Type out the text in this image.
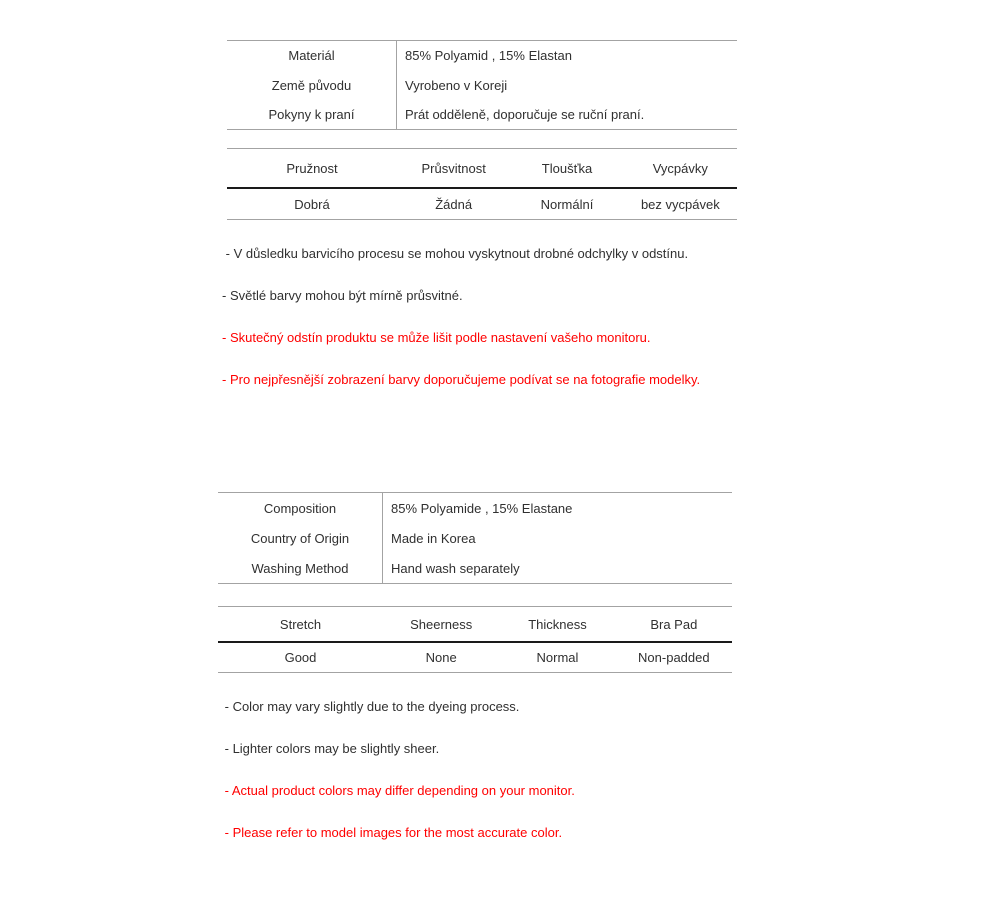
Materiál	85% Polyamid , 15% Elastan
Země původu	Vyrobeno v Koreji
Pokyny k praní	Prát odděleně, doporučuje se ruční praní.
Pružnost	Průsvitnost	Tloušťka	Vycpávky
Dobrá	Žádná	Normální	bez vycpávek

- V důsledku barvicího procesu se mohou vyskytnout drobné odchylky v odstínu.

- Světlé barvy mohou být mírně průsvitné.

- Skutečný odstín produktu se může lišit podle nastavení vašeho monitoru.

- Pro nejpřesnější zobrazení barvy doporučujeme podívat se na fotografie modelky.

Composition	85% Polyamide , 15% Elastane
Country of Origin	Made in Korea
Washing Method	Hand wash separately
Stretch	Sheerness	Thickness	Bra Pad
Good	None	Normal	Non-padded

- Color may vary slightly due to the dyeing process.

- Lighter colors may be slightly sheer.

- Actual product colors may differ depending on your monitor.

- Please refer to model images for the most accurate color.
